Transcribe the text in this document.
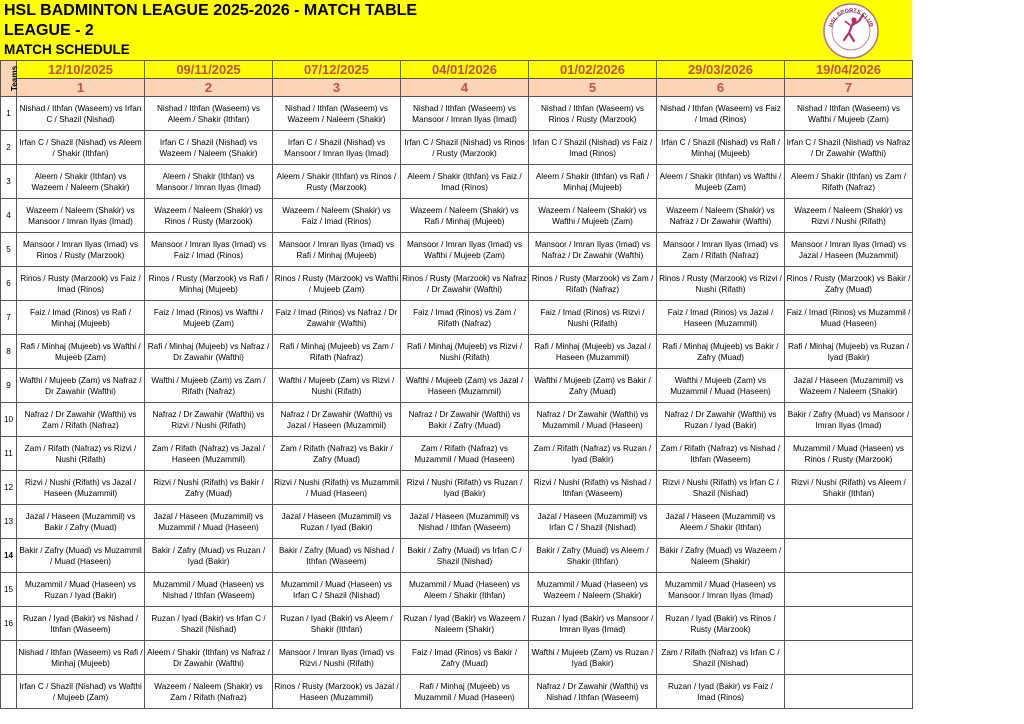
HSL BADMINTON LEAGUE 2025-2026 - MATCH TABLE
LEAGUE - 2
MATCH SCHEDULE
HSL SPORTS CLUB
Teams	12/10/2025	09/11/2025	07/12/2025	04/01/2026	01/02/2026	29/03/2026	19/04/2026
	1	2	3	4	5	6	7
1	Nishad / Ithfan (Waseem) vs Irfan C / Shazil (Nishad)	Nishad / Ithfan (Waseem) vs Aleem / Shakir (Ithfan)	Nishad / Ithfan (Waseem) vs Wazeem / Naleem (Shakir)	Nishad / Ithfan (Waseem) vs Mansoor / Imran Ilyas (Imad)	Nishad / Ithfan (Waseem) vs Rinos / Rusty (Marzook)	Nishad / Ithfan (Waseem) vs Faiz / Imad (Rinos)	Nishad / Ithfan (Waseem) vs Wafthi / Mujeeb (Zam)
2	Irfan C / Shazil (Nishad) vs Aleem / Shakir (Ithfan)	Irfan C / Shazil (Nishad) vs Wazeem / Naleem (Shakir)	Irfan C / Shazil (Nishad) vs Mansoor / Imran Ilyas (Imad)	Irfan C / Shazil (Nishad) vs Rinos / Rusty (Marzook)	Irfan C / Shazil (Nishad) vs Faiz / Imad (Rinos)	Irfan C / Shazil (Nishad) vs Rafi / Minhaj (Mujeeb)	Irfan C / Shazil (Nishad) vs Nafraz / Dr Zawahir (Wafthi)
3	Aleem / Shakir (Ithfan) vs Wazeem / Naleem (Shakir)	Aleem / Shakir (Ithfan) vs Mansoor / Imran Ilyas (Imad)	Aleem / Shakir (Ithfan) vs Rinos / Rusty (Marzook)	Aleem / Shakir (Ithfan) vs Faiz / Imad (Rinos)	Aleem / Shakir (Ithfan) vs Rafi / Minhaj (Mujeeb)	Aleem / Shakir (Ithfan) vs Wafthi / Mujeeb (Zam)	Aleem / Shakir (Ithfan) vs Zam / Rifath (Nafraz)
4	Wazeem / Naleem (Shakir) vs Mansoor / Imran Ilyas (Imad)	Wazeem / Naleem (Shakir) vs Rinos / Rusty (Marzook)	Wazeem / Naleem (Shakir) vs Faiz / Imad (Rinos)	Wazeem / Naleem (Shakir) vs Rafi / Minhaj (Mujeeb)	Wazeem / Naleem (Shakir) vs Wafthi / Mujeeb (Zam)	Wazeem / Naleem (Shakir) vs Nafraz / Dr Zawahir (Wafthi)	Wazeem / Naleem (Shakir) vs Rizvi / Nushi (Rifath)
5	Mansoor / Imran Ilyas (Imad) vs Rinos / Rusty (Marzook)	Mansoor / Imran Ilyas (Imad) vs Faiz / Imad (Rinos)	Mansoor / Imran Ilyas (Imad) vs Rafi / Minhaj (Mujeeb)	Mansoor / Imran Ilyas (Imad) vs Wafthi / Mujeeb (Zam)	Mansoor / Imran Ilyas (Imad) vs Nafraz / Dr Zawahir (Wafthi)	Mansoor / Imran Ilyas (Imad) vs Zam / Rifath (Nafraz)	Mansoor / Imran Ilyas (Imad) vs Jazal / Haseen (Muzammil)
6	Rinos / Rusty (Marzook) vs Faiz / Imad (Rinos)	Rinos / Rusty (Marzook) vs Rafi / Minhaj (Mujeeb)	Rinos / Rusty (Marzook) vs Wafthi / Mujeeb (Zam)	Rinos / Rusty (Marzook) vs Nafraz / Dr Zawahir (Wafthi)	Rinos / Rusty (Marzook) vs Zam / Rifath (Nafraz)	Rinos / Rusty (Marzook) vs Rizvi / Nushi (Rifath)	Rinos / Rusty (Marzook) vs Bakir / Zafry (Muad)
7	Faiz / Imad (Rinos) vs Rafi / Minhaj (Mujeeb)	Faiz / Imad (Rinos) vs Wafthi / Mujeeb (Zam)	Faiz / Imad (Rinos) vs Nafraz / Dr Zawahir (Wafthi)	Faiz / Imad (Rinos) vs Zam / Rifath (Nafraz)	Faiz / Imad (Rinos) vs Rizvi / Nushi (Rifath)	Faiz / Imad (Rinos) vs Jazal / Haseen (Muzammil)	Faiz / Imad (Rinos) vs Muzammil / Muad (Haseen)
8	Rafi / Minhaj (Mujeeb) vs Wafthi / Mujeeb (Zam)	Rafi / Minhaj (Mujeeb) vs Nafraz / Dr Zawahir (Wafthi)	Rafi / Minhaj (Mujeeb) vs Zam / Rifath (Nafraz)	Rafi / Minhaj (Mujeeb) vs Rizvi / Nushi (Rifath)	Rafi / Minhaj (Mujeeb) vs Jazal / Haseen (Muzammil)	Rafi / Minhaj (Mujeeb) vs Bakir / Zafry (Muad)	Rafi / Minhaj (Mujeeb) vs Ruzan / Iyad (Bakir)
9	Wafthi / Mujeeb (Zam) vs Nafraz / Dr Zawahir (Wafthi)	Wafthi / Mujeeb (Zam) vs Zam / Rifath (Nafraz)	Wafthi / Mujeeb (Zam) vs Rizvi / Nushi (Rifath)	Wafthi / Mujeeb (Zam) vs Jazal / Haseen (Muzammil)	Wafthi / Mujeeb (Zam) vs Bakir / Zafry (Muad)	Wafthi / Mujeeb (Zam) vs Muzammil / Muad (Haseen)	Jazal / Haseen (Muzammil) vs Wazeem / Naleem (Shakir)
10	Nafraz / Dr Zawahir (Wafthi) vs Zam / Rifath (Nafraz)	Nafraz / Dr Zawahir (Wafthi) vs Rizvi / Nushi (Rifath)	Nafraz / Dr Zawahir (Wafthi) vs Jazal / Haseen (Muzammil)	Nafraz / Dr Zawahir (Wafthi) vs Bakir / Zafry (Muad)	Nafraz / Dr Zawahir (Wafthi) vs Muzammil / Muad (Haseen)	Nafraz / Dr Zawahir (Wafthi) vs Ruzan / Iyad (Bakir)	Bakir / Zafry (Muad) vs Mansoor / Imran Ilyas (Imad)
11	Zam / Rifath (Nafraz) vs Rizvi / Nushi (Rifath)	Zam / Rifath (Nafraz) vs Jazal / Haseen (Muzammil)	Zam / Rifath (Nafraz) vs Bakir / Zafry (Muad)	Zam / Rifath (Nafraz) vs Muzammil / Muad (Haseen)	Zam / Rifath (Nafraz) vs Ruzan / Iyad (Bakir)	Zam / Rifath (Nafraz) vs Nishad / Ithfan (Waseem)	Muzammil / Muad (Haseen) vs Rinos / Rusty (Marzook)
12	Rizvi / Nushi (Rifath) vs Jazal / Haseen (Muzammil)	Rizvi / Nushi (Rifath) vs Bakir / Zafry (Muad)	Rizvi / Nushi (Rifath) vs Muzammil / Muad (Haseen)	Rizvi / Nushi (Rifath) vs Ruzan / Iyad (Bakir)	Rizvi / Nushi (Rifath) vs Nishad / Ithfan (Waseem)	Rizvi / Nushi (Rifath) vs Irfan C / Shazil (Nishad)	Rizvi / Nushi (Rifath) vs Aleem / Shakir (Ithfan)
13	Jazal / Haseen (Muzammil) vs Bakir / Zafry (Muad)	Jazal / Haseen (Muzammil) vs Muzammil / Muad (Haseen)	Jazal / Haseen (Muzammil) vs Ruzan / Iyad (Bakir)	Jazal / Haseen (Muzammil) vs Nishad / Ithfan (Waseem)	Jazal / Haseen (Muzammil) vs Irfan C / Shazil (Nishad)	Jazal / Haseen (Muzammil) vs Aleem / Shakir (Ithfan)	
14	Bakir / Zafry (Muad) vs Muzammil / Muad (Haseen)	Bakir / Zafry (Muad) vs Ruzan / Iyad (Bakir)	Bakir / Zafry (Muad) vs Nishad / Ithfan (Waseem)	Bakir / Zafry (Muad) vs Irfan C / Shazil (Nishad)	Bakir / Zafry (Muad) vs Aleem / Shakir (Ithfan)	Bakir / Zafry (Muad) vs Wazeem / Naleem (Shakir)	
15	Muzammil / Muad (Haseen) vs Ruzan / Iyad (Bakir)	Muzammil / Muad (Haseen) vs Nishad / Ithfan (Waseem)	Muzammil / Muad (Haseen) vs Irfan C / Shazil (Nishad)	Muzammil / Muad (Haseen) vs Aleem / Shakir (Ithfan)	Muzammil / Muad (Haseen) vs Wazeem / Naleem (Shakir)	Muzammil / Muad (Haseen) vs Mansoor / Imran Ilyas (Imad)	
16	Ruzan / Iyad (Bakir) vs Nishad / Ithfan (Waseem)	Ruzan / Iyad (Bakir) vs Irfan C / Shazil (Nishad)	Ruzan / Iyad (Bakir) vs Aleem / Shakir (Ithfan)	Ruzan / Iyad (Bakir) vs Wazeem / Naleem (Shakir)	Ruzan / Iyad (Bakir) vs Mansoor / Imran Ilyas (Imad)	Ruzan / Iyad (Bakir) vs Rinos / Rusty (Marzook)	
	Nishad / Ithfan (Waseem) vs Rafi / Minhaj (Mujeeb)	Aleem / Shakir (Ithfan) vs Nafraz / Dr Zawahir (Wafthi)	Mansoor / Imran Ilyas (Imad) vs Rizvi / Nushi (Rifath)	Faiz / Imad (Rinos) vs Bakir / Zafry (Muad)	Wafthi / Mujeeb (Zam) vs Ruzan / Iyad (Bakir)	Zam / Rifath (Nafraz) vs Irfan C / Shazil (Nishad)	
	Irfan C / Shazil (Nishad) vs Wafthi / Mujeeb (Zam)	Wazeem / Naleem (Shakir) vs Zam / Rifath (Nafraz)	Rinos / Rusty (Marzook) vs Jazal / Haseen (Muzammil)	Rafi / Minhaj (Mujeeb) vs Muzammil / Muad (Haseen)	Nafraz / Dr Zawahir (Wafthi) vs Nishad / Ithfan (Waseem)	Ruzan / Iyad (Bakir) vs Faiz / Imad (Rinos)	
